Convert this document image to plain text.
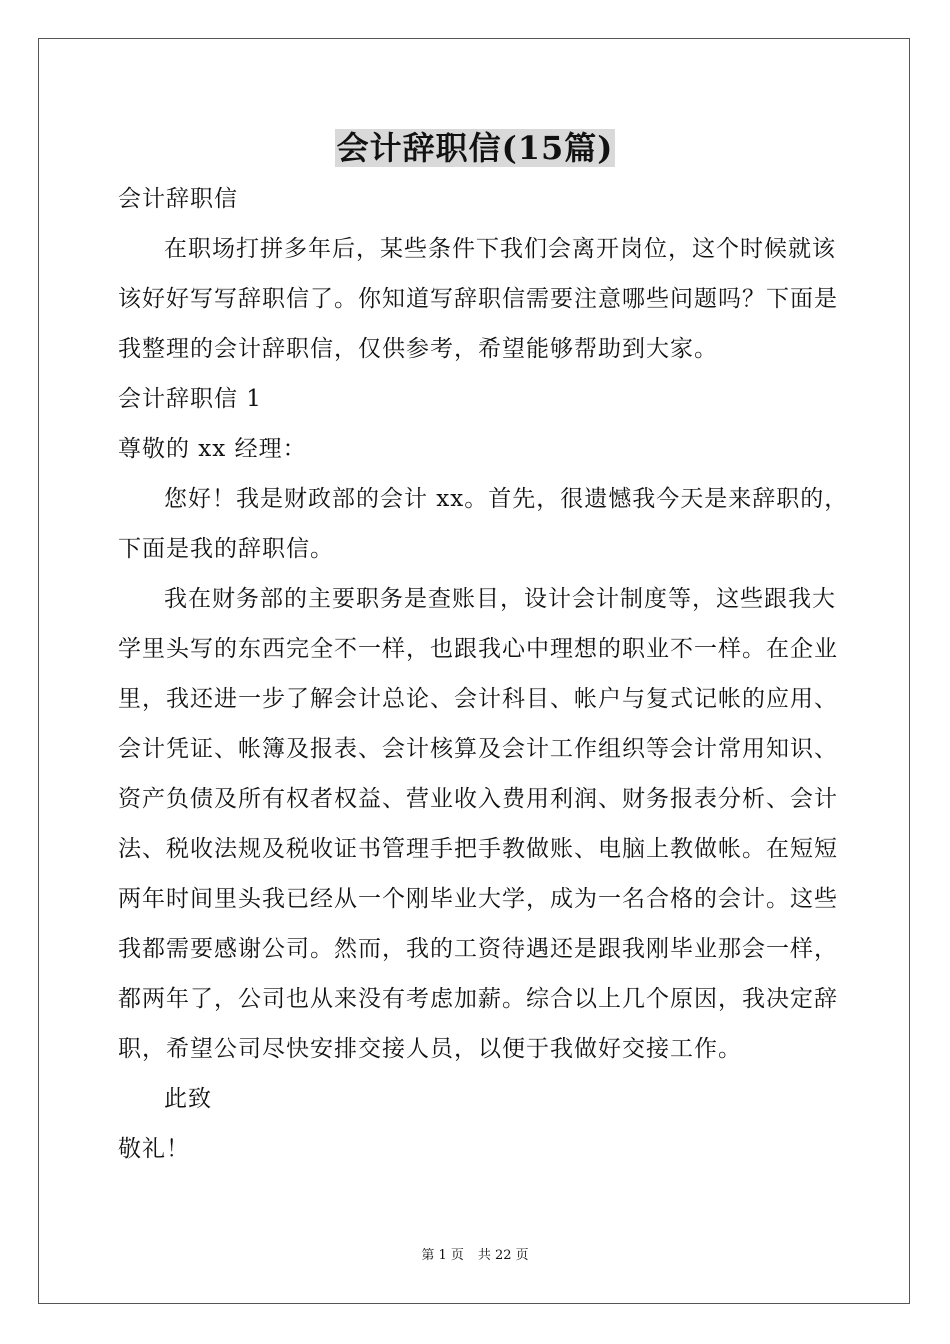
会计辞职信(15篇)
会计辞职信
在职场打拼多年后，某些条件下我们会离开岗位，这个时候就该
该好好写写辞职信了。你知道写辞职信需要注意哪些问题吗？下面是
我整理的会计辞职信，仅供参考，希望能够帮助到大家。
会计辞职信 1
尊敬的 xx 经理：
您好！我是财政部的会计 xx。首先，很遗憾我今天是来辞职的，
下面是我的辞职信。
我在财务部的主要职务是查账目，设计会计制度等，这些跟我大
学里头写的东西完全不一样，也跟我心中理想的职业不一样。在企业
里，我还进一步了解会计总论、会计科目、帐户与复式记帐的应用、
会计凭证、帐簿及报表、会计核算及会计工作组织等会计常用知识、
资产负债及所有权者权益、营业收入费用利润、财务报表分析、会计
法、税收法规及税收证书管理手把手教做账、电脑上教做帐。在短短
两年时间里头我已经从一个刚毕业大学，成为一名合格的会计。这些
我都需要感谢公司。然而，我的工资待遇还是跟我刚毕业那会一样，
都两年了，公司也从来没有考虑加薪。综合以上几个原因，我决定辞
职，希望公司尽快安排交接人员，以便于我做好交接工作。
此致
敬礼！
第 1 页 共 22 页
